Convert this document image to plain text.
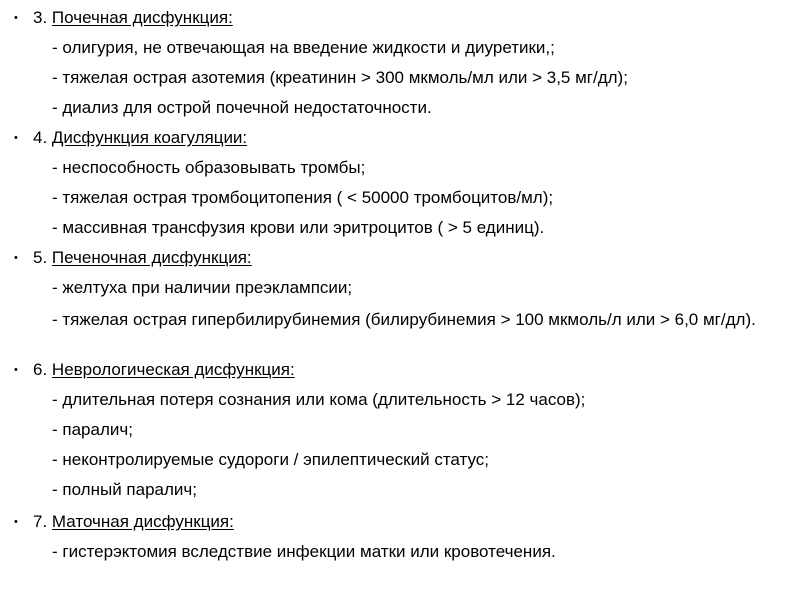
• 3. Почечная дисфункция:
- олигурия, не отвечающая на введение жидкости и диуретики,;
- тяжелая острая азотемия (креатинин > 300 мкмоль/мл или > 3,5 мг/дл);
- диализ для острой почечной недостаточности.
• 4. Дисфункция коагуляции:
- неспособность образовывать тромбы;
- тяжелая острая тромбоцитопения ( < 50000 тромбоцитов/мл);
- массивная трансфузия крови или эритроцитов ( > 5 единиц).
• 5. Печеночная дисфункция:
- желтуха при наличии преэклампсии;
- тяжелая острая гипербилирубинемия (билирубинемия > 100 мкмоль/л или > 6,0 мг/дл).
• 6. Неврологическая дисфункция:
- длительная потеря сознания или кома (длительность > 12 часов);
- паралич;
- неконтролируемые судороги / эпилептический статус;
- полный паралич;
• 7. Маточная дисфункция:
- гистерэктомия вследствие инфекции матки или кровотечения.
